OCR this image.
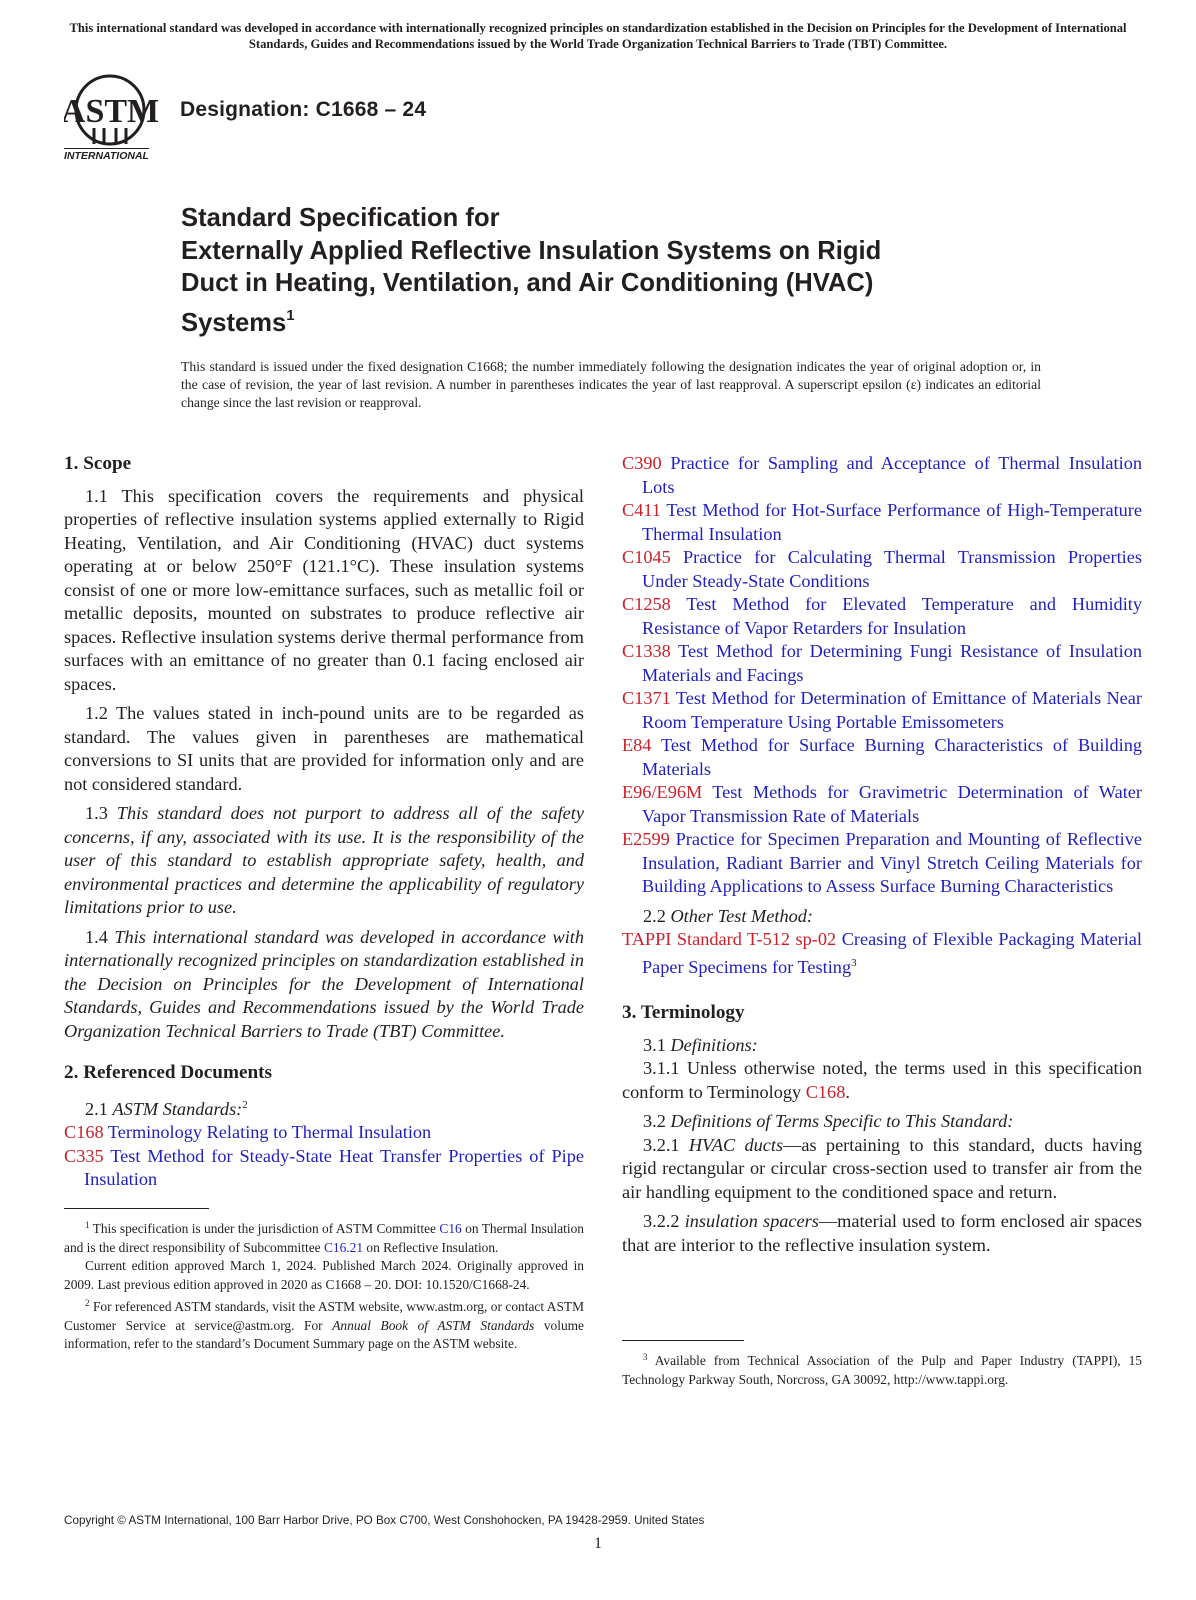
This international standard was developed in accordance with internationally recognized principles on standardization established in the Decision on Principles for the Development of International Standards, Guides and Recommendations issued by the World Trade Organization Technical Barriers to Trade (TBT) Committee.
ASTM
INTERNATIONAL
Designation: C1668 – 24
Standard Specification for
Externally Applied Reflective Insulation Systems on Rigid
Duct in Heating, Ventilation, and Air Conditioning (HVAC)
Systems$^1$
This standard is issued under the fixed designation C1668; the number immediately following the designation indicates the year of original adoption or, in the case of revision, the year of last revision. A number in parentheses indicates the year of last reapproval. A superscript epsilon (ε) indicates an editorial change since the last revision or reapproval.
1. Scope

1.1 This specification covers the requirements and physical properties of reflective insulation systems applied externally to Rigid Heating, Ventilation, and Air Conditioning (HVAC) duct systems operating at or below 250°F (121.1°C). These insulation systems consist of one or more low-emittance surfaces, such as metallic foil or metallic deposits, mounted on substrates to produce reflective air spaces. Reflective insulation systems derive thermal performance from surfaces with an emittance of no greater than 0.1 facing enclosed air spaces.

1.2 The values stated in inch-pound units are to be regarded as standard. The values given in parentheses are mathematical conversions to SI units that are provided for information only and are not considered standard.

1.3 This standard does not purport to address all of the safety concerns, if any, associated with its use. It is the responsibility of the user of this standard to establish appropriate safety, health, and environmental practices and determine the applicability of regulatory limitations prior to use.

1.4 This international standard was developed in accordance with internationally recognized principles on standardization established in the Decision on Principles for the Development of International Standards, Guides and Recommendations issued by the World Trade Organization Technical Barriers to Trade (TBT) Committee.

2. Referenced Documents

2.1 ASTM Standards:$^2$

C168 Terminology Relating to Thermal Insulation

C335 Test Method for Steady-State Heat Transfer Properties of Pipe Insulation

$^1$ This specification is under the jurisdiction of ASTM Committee C16 on Thermal Insulation and is the direct responsibility of Subcommittee C16.21 on Reflective Insulation.

Current edition approved March 1, 2024. Published March 2024. Originally approved in 2009. Last previous edition approved in 2020 as C1668 – 20. DOI: 10.1520/C1668-24.

$^2$ For referenced ASTM standards, visit the ASTM website, www.astm.org, or contact ASTM Customer Service at service@astm.org. For Annual Book of ASTM Standards volume information, refer to the standard’s Document Summary page on the ASTM website.

C390 Practice for Sampling and Acceptance of Thermal Insulation Lots

C411 Test Method for Hot-Surface Performance of High-Temperature Thermal Insulation

C1045 Practice for Calculating Thermal Transmission Properties Under Steady-State Conditions

C1258 Test Method for Elevated Temperature and Humidity Resistance of Vapor Retarders for Insulation

C1338 Test Method for Determining Fungi Resistance of Insulation Materials and Facings

C1371 Test Method for Determination of Emittance of Materials Near Room Temperature Using Portable Emissometers

E84 Test Method for Surface Burning Characteristics of Building Materials

E96/E96M Test Methods for Gravimetric Determination of Water Vapor Transmission Rate of Materials

E2599 Practice for Specimen Preparation and Mounting of Reflective Insulation, Radiant Barrier and Vinyl Stretch Ceiling Materials for Building Applications to Assess Surface Burning Characteristics

2.2 Other Test Method:

TAPPI Standard T-512 sp-02 Creasing of Flexible Packaging Material Paper Specimens for Testing$^3$

3. Terminology

3.1 Definitions:

3.1.1 Unless otherwise noted, the terms used in this specification conform to Terminology C168.

3.2 Definitions of Terms Specific to This Standard:

3.2.1 HVAC ducts—as pertaining to this standard, ducts having rigid rectangular or circular cross-section used to transfer air from the air handling equipment to the conditioned space and return.

3.2.2 insulation spacers—material used to form enclosed air spaces that are interior to the reflective insulation system.

$^3$ Available from Technical Association of the Pulp and Paper Industry (TAPPI), 15 Technology Parkway South, Norcross, GA 30092, http://www.tappi.org.

Copyright © ASTM International, 100 Barr Harbor Drive, PO Box C700, West Conshohocken, PA 19428-2959. United States
1
